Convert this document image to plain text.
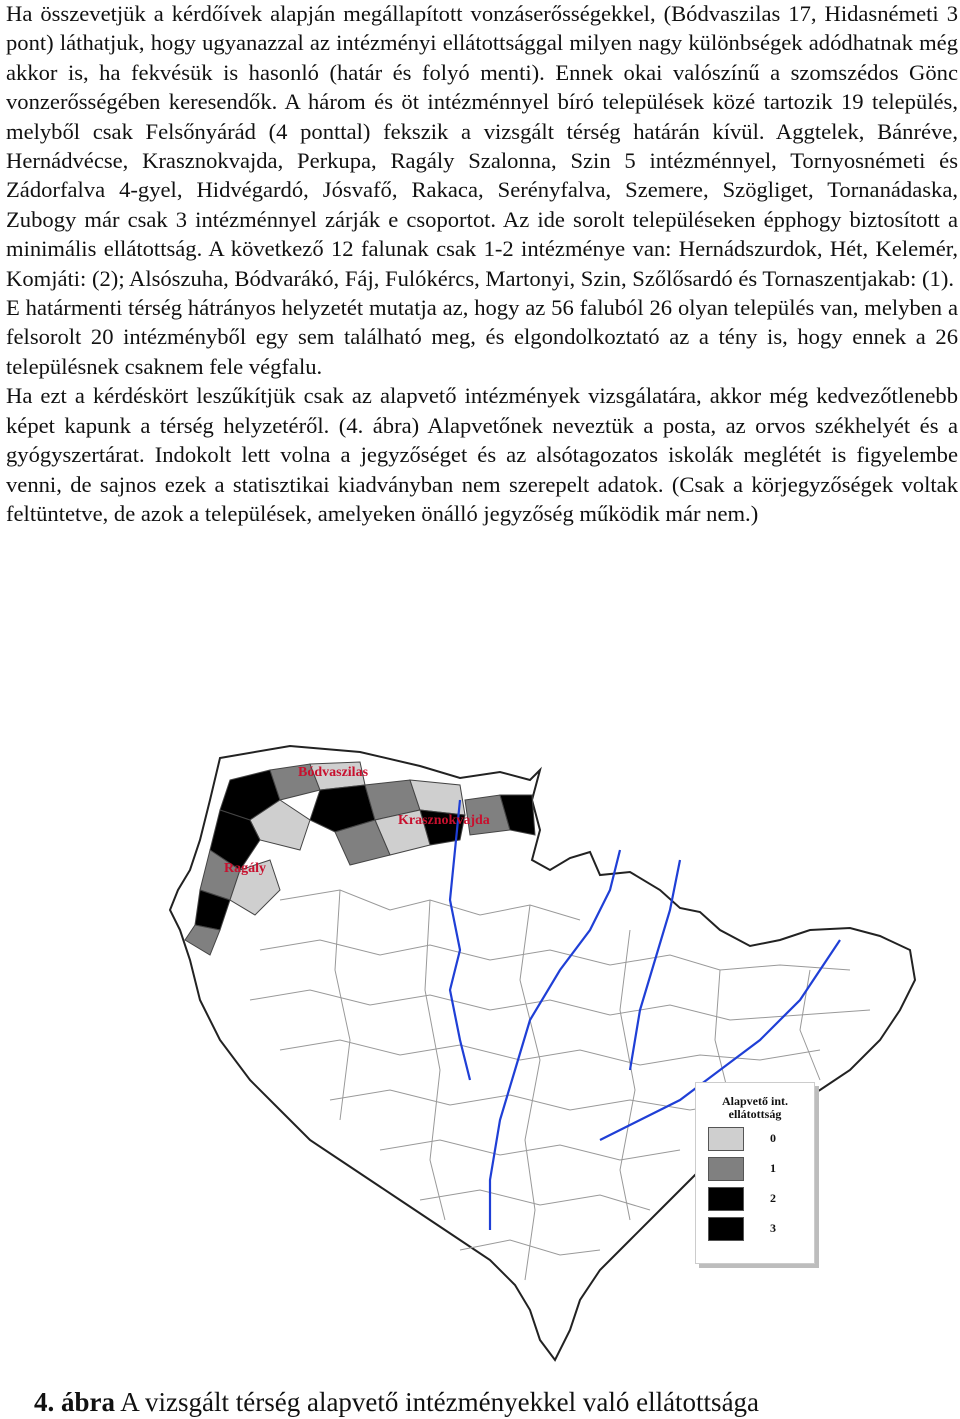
Ha összevetjük a kérdőívek alapján megállapított vonzáserősségekkel, (Bódvaszilas 17, Hidasnémeti 3 pont) láthatjuk, hogy ugyanazzal az intézményi ellátottsággal milyen nagy különbségek adódhatnak még akkor is, ha fekvésük is hasonló (határ és folyó menti). Ennek okai valószínű a szomszédos Gönc vonzerősségében keresendők. A három és öt intézménnyel bíró települések közé tartozik 19 település, melyből csak Felsőnyárád (4 ponttal) fekszik a vizsgált térség határán kívül. Aggtelek, Bánréve, Hernádvécse, Krasznokvajda, Perkupa, Ragály Szalonna, Szin 5 intézménnyel, Tornyosnémeti és Zádorfalva 4-gyel, Hidvégardó, Jósvafő, Rakaca, Serényfalva, Szemere, Szögliget, Tornanádaska, Zubogy már csak 3 intézménnyel zárják e csoportot. Az ide sorolt településeken épphogy biztosított a minimális ellátottság. A következő 12 falunak csak 1-2 intézménye van: Hernádszurdok, Hét, Kelemér, Komjáti: (2); Alsószuha, Bódvarákó, Fáj, Fulókércs, Martonyi, Szin, Szőlősardó és Tornaszentjakab: (1).

E határmenti térség hátrányos helyzetét mutatja az, hogy az 56 faluból 26 olyan település van, melyben a felsorolt 20 intézményből egy sem található meg, és elgondolkoztató az a tény is, hogy ennek a 26 településnek csaknem fele végfalu.

Ha ezt a kérdéskört leszűkítjük csak az alapvető intézmények vizsgálatára, akkor még kedvezőtlenebb képet kapunk a térség helyzetéről. (4. ábra) Alapvetőnek neveztük a posta, az orvos székhelyét és a gyógyszertárat. Indokolt lett volna a jegyzőséget és az alsótagozatos iskolák meglétét is figyelembe venni, de sajnos ezek a statisztikai kiadványban nem szerepelt adatok. (Csak a körjegyzőségek voltak feltüntetve, de azok a települések, amelyeken önálló jegyzőség működik már nem.)

Bódvaszilas
Krasznokvajda
Ragály
Alapvető int.
ellátottság
0
1
2
3
4. ábra A vizsgált térség alapvető intézményekkel való ellátottsága
